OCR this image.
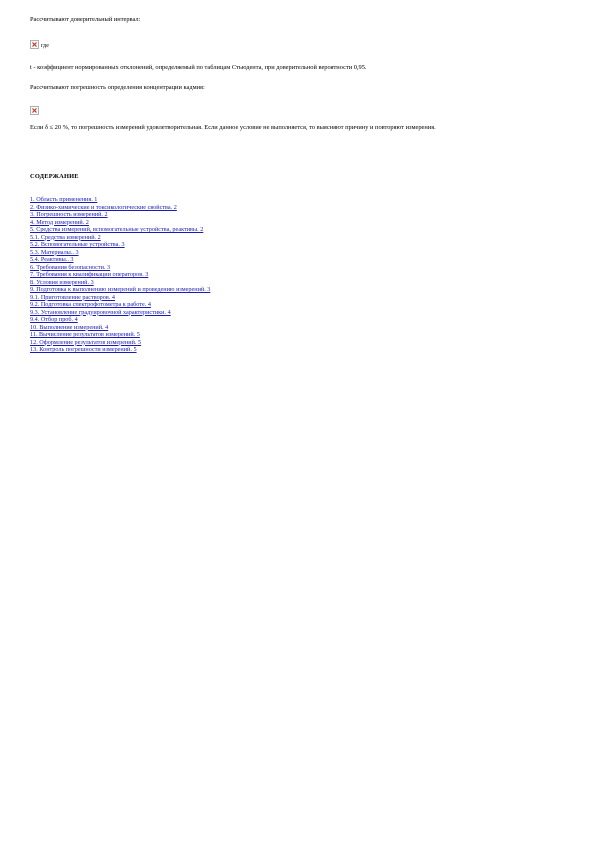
Рассчитывают доверительный интервал:

гдe

t - коэффициент нормированных отклонений, определяемый по таблицам Стьюдента, при доверительной вероятности 0,95.

Рассчитывают погрешность определения концентрации кадмия:

Если δ ≤ 20 %, то погрешность измерений удовлетворительная. Если данное условие не выполняется, то выясняют причину и повторяют измерения.

СОДЕРЖАНИЕ
1. Область применения. 1
2. Физико-химические и токсикологические свойства. 2
3. Погрешность измерений. 2
4. Метод измерений. 2
5. Средства измерений, вспомогательные устройства, реактивы. 2
5.1. Средства измерений. 2
5.2. Вспомогательные устройства. 3
5.3. Материалы.. 3
5.4. Реактивы.. 3
6. Требования безопасности. 3
7. Требования к квалификации операторов. 3
8. Условия измерений. 3
9. Подготовка к выполнению измерений и проведению измерений. 3
9.1. Приготовление растворов. 4
9.2. Подготовка спектрофотометра к работе. 4
9.3. Установление градуировочной характеристики. 4
9.4. Отбор проб. 4
10. Выполнение измерений. 4
11. Вычисление результатов измерений. 5
12. Оформление результатов измерений. 5
13. Контроль погрешности измерений. 5
